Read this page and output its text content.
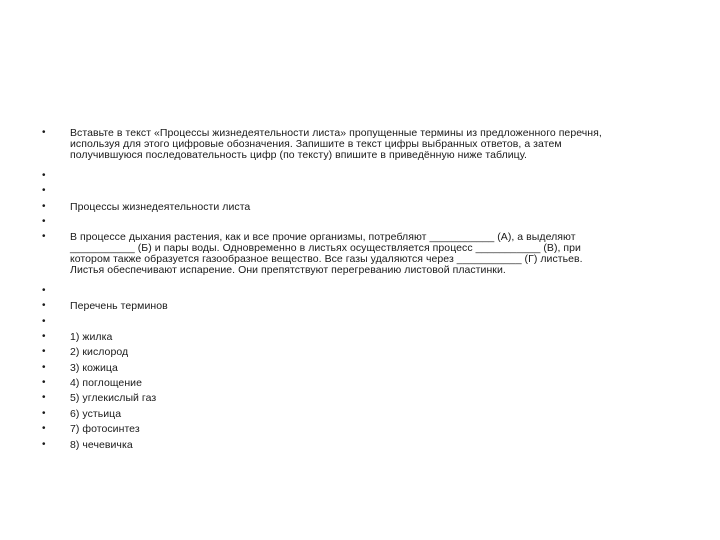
•
•
•
•
•
•
•
•
•
•
•
•
•
•
•
•
•
Вставьте в текст «Процессы жизнедеятельности листа» пропущенные термины из предложенного перечня,
используя для этого цифровые обозначения. Запишите в текст цифры выбранных ответов, а затем
получившуюся последовательность цифр (по тексту) впишите в приведённую ниже таблицу.
Процессы жизнедеятельности листа
В процессе дыхания растения, как и все прочие организмы, потребляют ___________ (А), а выделяют
___________ (Б) и пары воды. Одновременно в листьях осуществляется процесс ___________ (В), при
котором также образуется газообразное вещество. Все газы удаляются через ___________ (Г) листьев.
Листья обеспечивают испарение. Они препятствуют перегреванию листовой пластинки.
Перечень терминов
1) жилка
2) кислород
3) кожица
4) поглощение
5) углекислый газ
6) устьица
7) фотосинтез
8) чечевичка
